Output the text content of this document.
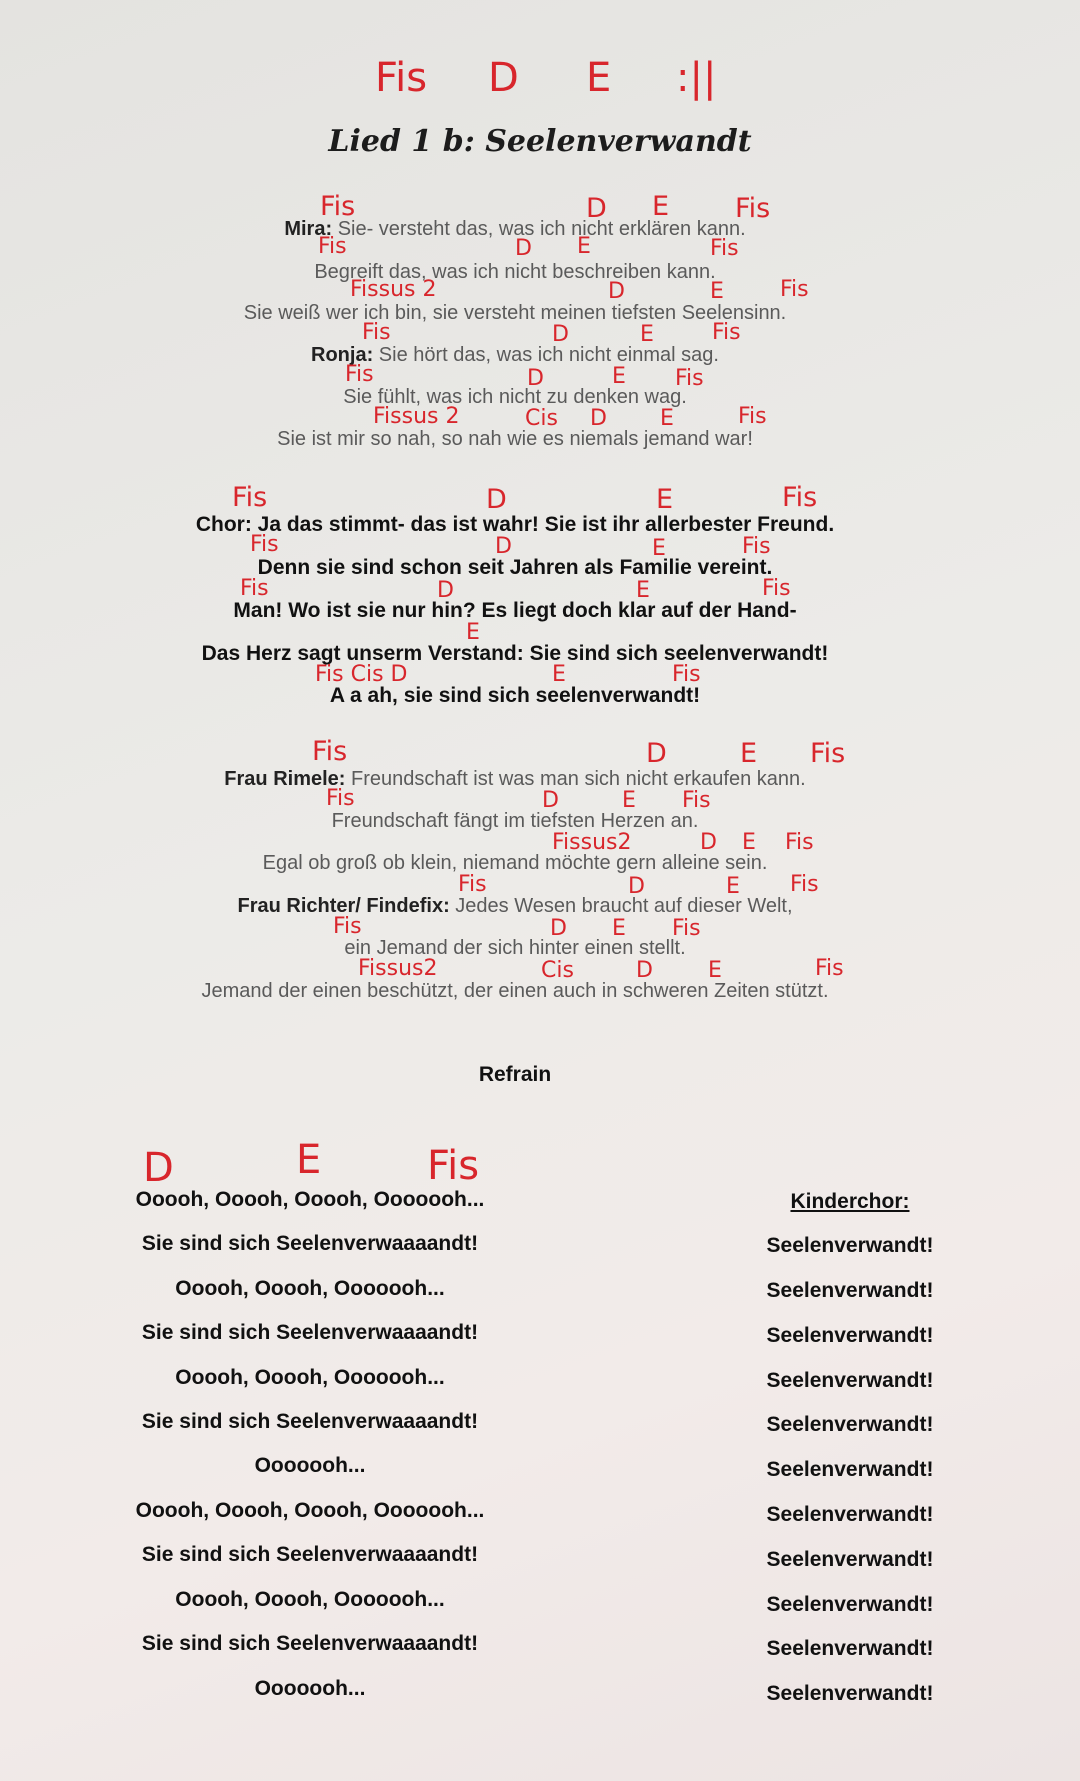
Fis D E :||
Lied 1 b: Seelenverwandt
Fis	D E Fis
Mira: Sie- versteht das, was ich nicht erklären kann.
Fis	D E	Fis
Begreift das, was ich nicht beschreiben kann.
Fissus 2	D	E	Fis
Sie weiß wer ich bin, sie versteht meinen tiefsten Seelensinn.
Fis	D	E	Fis
Ronja: Sie hört das, was ich nicht einmal sag.
Fis	D	E Fis
Sie fühlt, was ich nicht zu denken wag.
Fissus 2	Cis D E	Fis
Sie ist mir so nah, so nah wie es niemals jemand war!
Fis	D	E	Fis
Chor: Ja das stimmt- das ist wahr! Sie ist ihr allerbester Freund.
Fis	D	E	Fis
Denn sie sind schon seit Jahren als Familie vereint.
Fis	D	E	Fis
Man! Wo ist sie nur hin? Es liegt doch klar auf der Hand-
E
Das Herz sagt unserm Verstand: Sie sind sich seelenverwandt!
Fis Cis D	E	Fis
A a ah, sie sind sich seelenverwandt!
Fis	D	E Fis
Frau Rimele: Freundschaft ist was man sich nicht erkaufen kann.
Fis	D	E Fis
Freundschaft fängt im tiefsten Herzen an.
Fissus2	D E Fis
Egal ob groß ob klein, niemand möchte gern alleine sein.
Fis	D	E Fis
Frau Richter/ Findefix: Jedes Wesen braucht auf dieser Welt,
Fis	D E Fis
ein Jemand der sich hinter einen stellt.
Fissus2	Cis	D	E	Fis
Jemand der einen beschützt, der einen auch in schweren Zeiten stützt.
Refrain
D	E	Fis
Ooooh, Ooooh, Ooooh, Ooooooh...
Sie sind sich Seelenverwaaaandt!
Ooooh, Ooooh, Ooooooh...
Sie sind sich Seelenverwaaaandt!
Ooooh, Ooooh, Ooooooh...
Sie sind sich Seelenverwaaaandt!
Ooooooh...
Ooooh, Ooooh, Ooooh, Ooooooh...
Sie sind sich Seelenverwaaaandt!
Ooooh, Ooooh, Ooooooh...
Sie sind sich Seelenverwaaaandt!
Ooooooh...
Kinderchor:
Seelenverwandt!
Seelenverwandt!
Seelenverwandt!
Seelenverwandt!
Seelenverwandt!
Seelenverwandt!
Seelenverwandt!
Seelenverwandt!
Seelenverwandt!
Seelenverwandt!
Seelenverwandt!
